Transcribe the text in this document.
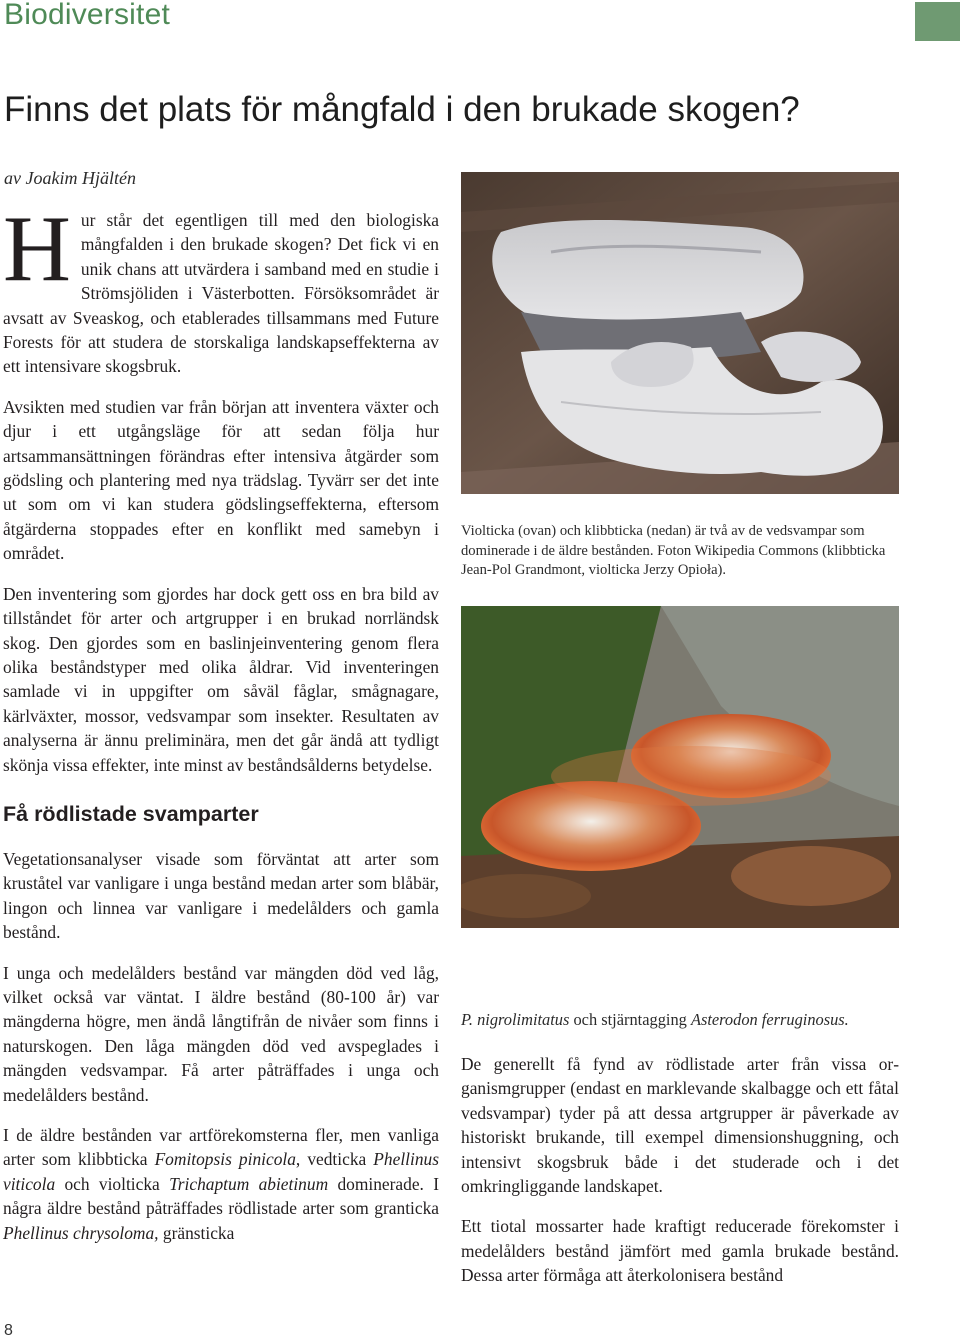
Biodiversitet
Finns det plats för mångfald i den brukade skogen?
av Joakim Hjältén

Hur står det egentligen till med den biologiska mångfalden i den brukade skogen? Det fick vi en unik chans att utvärdera i samband med en studie i Strömsjöliden i Västerbotten. Försöksområdet är avsatt av Sveaskog, och etablerades tillsammans med Future Forests för att studera de storskaliga landskapseffekterna av ett intensivare skogsbruk.

Avsikten med studien var från början att inventera växter och djur i ett utgångsläge för att sedan följa hur artsammansättningen förändras efter intensiva åtgärder som gödsling och plantering med nya trädslag. Tyvärr ser det inte ut som om vi kan studera gödslingseffekterna, eftersom åtgärderna stoppades efter en konflikt med samebyn i området.

Den inventering som gjordes har dock gett oss en bra bild av tillståndet för arter och artgrupper i en brukad norrländsk skog. Den gjordes som en baslinjeinventering genom flera olika beståndstyper med olika åldrar. Vid inventeringen samlade vi in uppgifter om såväl fåglar, smågnagare, kärlväxter, mossor, vedsvampar som insekter. Resultaten av analyserna är ännu preliminära, men det går ändå att tydligt skönja vissa effekter, inte minst av beståndsålderns betydelse.

Få rödlistade svamparter

Vegetationsanalyser visade som förväntat att arter som kruståtel var vanligare i unga bestånd medan arter som blåbär, lingon och linnea var vanligare i medelålders och gamla bestånd.

I unga och medelålders bestånd var mängden död ved låg, vilket också var väntat. I äldre bestånd (80-100 år) var mängderna högre, men ändå långtifrån de nivåer som finns i naturskogen. Den låga mängden död ved avspeglades i mängden vedsvampar. Få arter påträffades i unga och medelålders bestånd.

I de äldre bestånden var artförekomsterna fler, men vanliga arter som klibbticka Fomitopsis pinicola, vedticka Phellinus viticola och violticka Trichaptum abietinum dominerade. I några äldre bestånd påträffades rödlistade arter som granticka Phellinus chrysoloma, gränsticka

Violticka (ovan) och klibbticka (nedan) är två av de vedsvampar som dominerade i de äldre bestånden. Foton Wikipedia Commons (klibbticka Jean-Pol Grandmont, violticka Jerzy Opioła).
P. nigrolimitatus och stjärntagging Asterodon ferruginosus.

De generellt få fynd av rödlistade arter från vissa organismgrupper (endast en marklevande skalbagge och ett fåtal vedsvampar) tyder på att dessa artgrupper är påverkade av historiskt brukande, till exempel dimensionshuggning, och intensivt skogsbruk både i det studerade och i det omkringliggande landskapet.

Ett tiotal mossarter hade kraftigt reducerade förekomster i medelålders bestånd jämfört med gamla brukade bestånd. Dessa arter förmåga att återkolonisera bestånd

8
